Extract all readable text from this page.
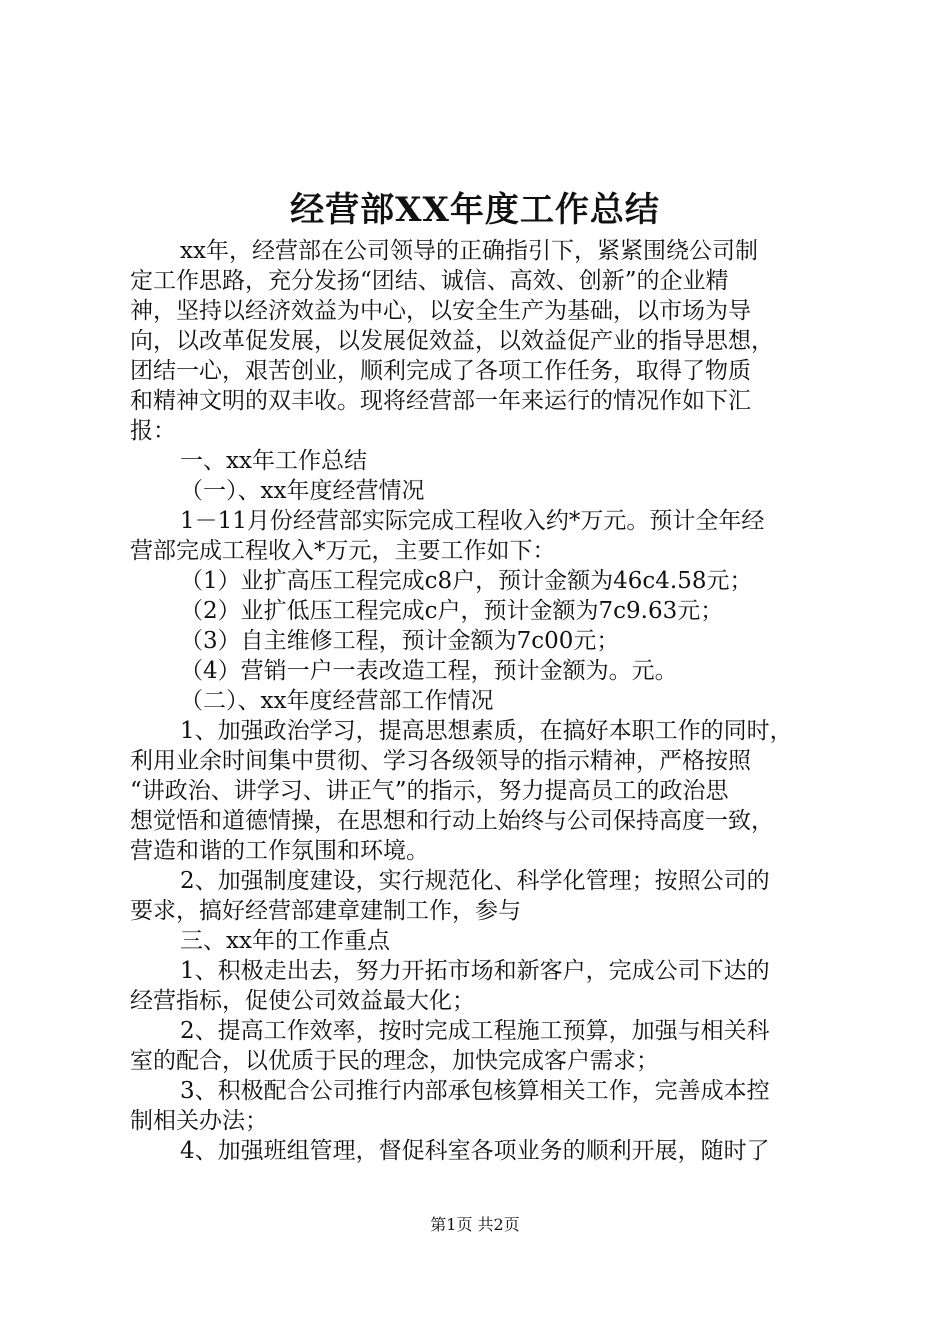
经营部XX年度工作总结
xx年，经营部在公司领导的正确指引下，紧紧围绕公司制
定工作思路，充分发扬“团结、诚信、高效、创新”的企业精
神，坚持以经济效益为中心，以安全生产为基础，以市场为导
向，以改革促发展，以发展促效益，以效益促产业的指导思想，
团结一心，艰苦创业，顺利完成了各项工作任务，取得了物质
和精神文明的双丰收。现将经营部一年来运行的情况作如下汇
报：
一、xx年工作总结
（一）、xx年度经营情况
1－11月份经营部实际完成工程收入约*万元。预计全年经
营部完成工程收入*万元，主要工作如下：
（1）业扩高压工程完成c8户，预计金额为46c4.58元；
（2）业扩低压工程完成c户，预计金额为7c9.63元；
（3）自主维修工程，预计金额为7c00元；
（4）营销一户一表改造工程，预计金额为。元。
（二）、xx年度经营部工作情况
1、加强政治学习，提高思想素质，在搞好本职工作的同时，
利用业余时间集中贯彻、学习各级领导的指示精神，严格按照
“讲政治、讲学习、讲正气”的指示，努力提高员工的政治思
想觉悟和道德情操，在思想和行动上始终与公司保持高度一致，
营造和谐的工作氛围和环境。
2、加强制度建设，实行规范化、科学化管理；按照公司的
要求，搞好经营部建章建制工作，参与
三、xx年的工作重点
1、积极走出去，努力开拓市场和新客户，完成公司下达的
经营指标，促使公司效益最大化；
2、提高工作效率，按时完成工程施工预算，加强与相关科
室的配合，以优质于民的理念，加快完成客户需求；
3、积极配合公司推行内部承包核算相关工作，完善成本控
制相关办法；
4、加强班组管理，督促科室各项业务的顺利开展，随时了
第1页 共2页
